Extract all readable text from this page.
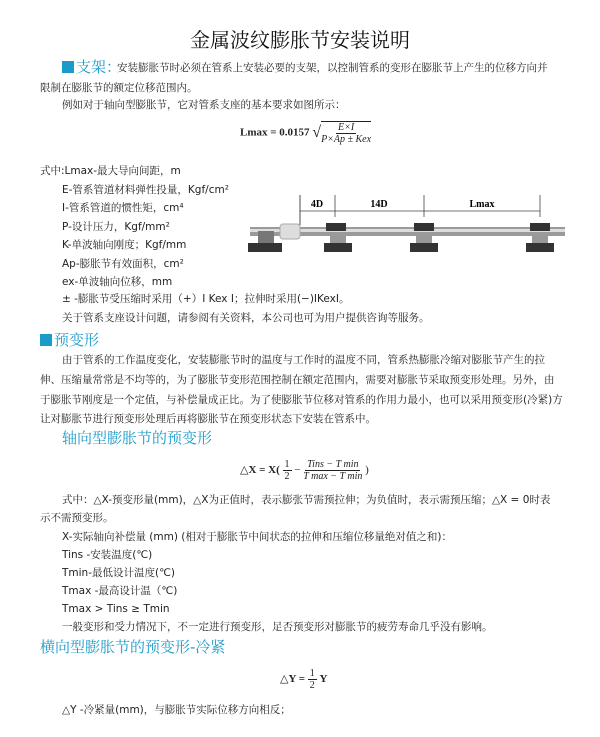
金属波纹膨胀节安装说明
支架：
安装膨胀节时必须在管系上安装必要的支架，以控制管系的变形在膨胀节上产生的位移方向并
限制在膨胀节的额定位移范围内。
例如对于轴向型膨胀节，它对管系支座的基本要求如图所示：
Lmax = 0.0157 √ $\frac{E\times I}{\text{P×Ap ± Kex}}$
式中:Lmax-最大导向间距，m
E-管系管道材料弹性投量，Kgf/cm²
I-管系管道的惯性矩，cm⁴
P-设计压力，Kgf/mm²
K-单波轴向刚度；Kgf/mm
Ap-膨胀节有效面积，cm²
ex-单波轴向位移，mm
± -膨胀节受压缩时采用（+）I Kex I；拉伸时采用(−)IKexI。
关于管系支座设计问题，请参阅有关资料，本公司也可为用户提供咨询等服务。
4D	14D	Lmax
预变形
由于管系的工作温度变化，安装膨胀节时的温度与工作时的温度不同，管系热膨胀冷缩对膨胀节产生的拉
伸、压缩量常常是不均等的，为了膨胀节变形范围控制在额定范围内，需要对膨胀节采取预变形处理。另外，由
于膨胀节刚度是一个定值，与补偿量成正比。为了使膨胀节位移对管系的作用力最小，也可以采用预变形(冷紧)方
让对膨胀节进行预变形处理后再将膨胀节在预变形状态下安装在管系中。
轴向型膨胀节的预变形
△X = $X( \frac{1}{2} - \frac{\text{Tins − T min}}{\text{T max − T min}}$ )
式中：△X-预变形量(mm)，△X为正值时，表示膨张节需预拉伸；为负值时，表示需预压缩；△X = 0时表
示不需预变形。
X-实际轴向补偿量 (mm) (相对于膨胀节中间状态的拉伸和压缩位移量绝对值之和)：
Tins -安装温度(℃)
Tmin-最低设计温度(℃)
Tmax -最高设计温（℃)
Tmax > Tins ≥ Tmin
一般变形和受力情况下，不一定进行预变形，足否预变形对膨胀节的疲劳寿命几乎没有影响。
横向型膨胀节的预变形-冷紧
△Y = $\frac{1}{2}$ Y
△Y -冷紧量(mm)，与膨胀节实际位移方向相反；
